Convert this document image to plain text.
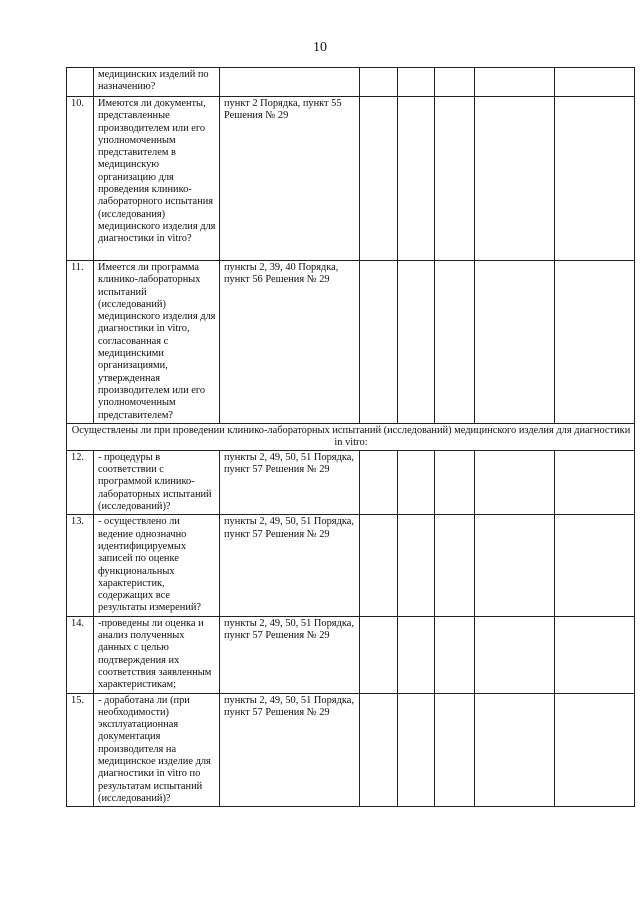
10
	медицинских изделий по назначению?						
10.	Имеются ли документы, представленные производителем или его уполномоченным представителем в медицинскую организацию для проведения клинико-лабораторного испытания (исследования) медицинского изделия для диагностики in vitro?	пункт 2 Порядка, пункт 55 Решения № 29					
11.	Имеется ли программа клинико-лабораторных испытаний (исследований) медицинского изделия для диагностики in vitro, согласованная с медицинскими организациями, утвержденная производителем или его уполномоченным представителем?	пункты 2, 39, 40 Порядка, пункт 56 Решения № 29					
Осуществлены ли при проведении клинико-лабораторных испытаний (исследований) медицинского изделия для диагностики in vitro:							
12.	- процедуры в соответствии с программой клинико-лабораторных испытаний (исследований)?	пункты 2, 49, 50, 51 Порядка, пункт 57 Решения № 29					
13.	- осуществлено ли ведение однозначно идентифицируемых записей по оценке функциональных характеристик, содержащих все результаты измерений?	пункты 2, 49, 50, 51 Порядка, пункт 57 Решения № 29					
14.	-проведены ли оценка и анализ полученных данных с целью подтверждения их соответствия заявленным характеристикам;	пункты 2, 49, 50, 51 Порядка, пункт 57 Решения № 29					
15.	- доработана ли (при необходимости) эксплуатационная документация производителя на медицинское изделие для диагностики in vitro по результатам испытаний (исследований)?	пункты 2, 49, 50, 51 Порядка, пункт 57 Решения № 29					
